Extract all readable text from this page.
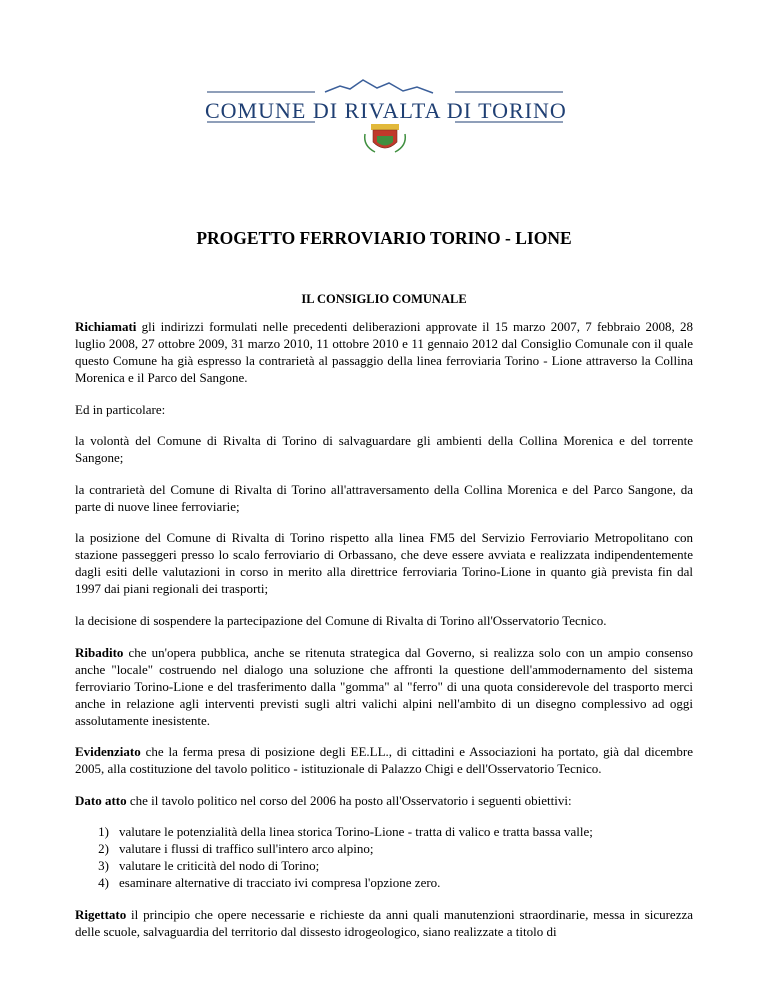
COMUNE DI RIVALTA DI TORINO
PROGETTO FERROVIARIO TORINO - LIONE
IL CONSIGLIO COMUNALE

Richiamati gli indirizzi formulati nelle precedenti deliberazioni approvate il 15 marzo 2007, 7 febbraio 2008, 28 luglio 2008, 27 ottobre 2009, 31 marzo 2010, 11 ottobre 2010 e 11 gennaio 2012 dal Consiglio Comunale con il quale questo Comune ha già espresso la contrarietà al passaggio della linea ferroviaria Torino - Lione attraverso la Collina Morenica e il Parco del Sangone.

Ed in particolare:

la volontà del Comune di Rivalta di Torino di salvaguardare gli ambienti della Collina Morenica e del torrente Sangone;

la contrarietà del Comune di Rivalta di Torino all'attraversamento della Collina Morenica e del Parco Sangone, da parte di nuove linee ferroviarie;

la posizione del Comune di Rivalta di Torino rispetto alla linea FM5 del Servizio Ferroviario Metropolitano con stazione passeggeri presso lo scalo ferroviario di Orbassano, che deve essere avviata e realizzata indipendentemente dagli esiti delle valutazioni in corso in merito alla direttrice ferroviaria Torino-Lione in quanto già prevista fin dal 1997 dai piani regionali dei trasporti;

la decisione di sospendere la partecipazione del Comune di Rivalta di Torino all'Osservatorio Tecnico.

Ribadito che un'opera pubblica, anche se ritenuta strategica dal Governo, si realizza solo con un ampio consenso anche "locale" costruendo nel dialogo una soluzione che affronti la questione dell'ammodernamento del sistema ferroviario Torino-Lione e del trasferimento dalla "gomma" al "ferro" di una quota considerevole del trasporto merci anche in relazione agli interventi previsti sugli altri valichi alpini nell'ambito di un disegno complessivo ad oggi assolutamente inesistente.

Evidenziato che la ferma presa di posizione degli EE.LL., di cittadini e Associazioni ha portato, già dal dicembre 2005, alla costituzione del tavolo politico - istituzionale di Palazzo Chigi e dell'Osservatorio Tecnico.

Dato atto che il tavolo politico nel corso del 2006 ha posto all'Osservatorio i seguenti obiettivi:

1) valutare le potenzialità della linea storica Torino-Lione - tratta di valico e tratta bassa valle;
2) valutare i flussi di traffico sull'intero arco alpino;
3) valutare le criticità del nodo di Torino;
4) esaminare alternative di tracciato ivi compresa l'opzione zero.

Rigettato il principio che opere necessarie e richieste da anni quali manutenzioni straordinarie, messa in sicurezza delle scuole, salvaguardia del territorio dal dissesto idrogeologico, siano realizzate a titolo di
